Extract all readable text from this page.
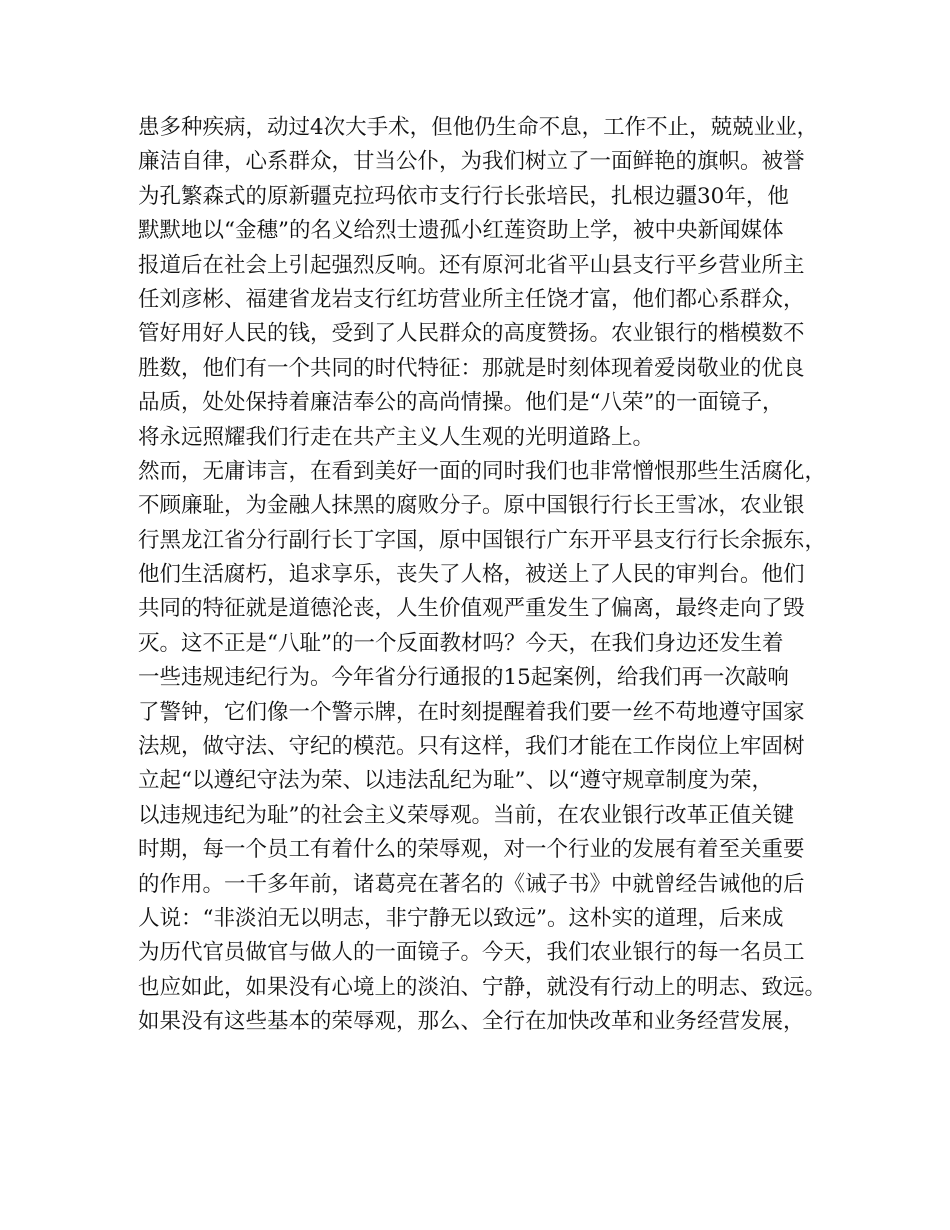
患多种疾病，动过4次大手术，但他仍生命不息，工作不止，兢兢业业，
廉洁自律，心系群众，甘当公仆，为我们树立了一面鲜艳的旗帜。被誉
为孔繁森式的原新疆克拉玛依市支行行长张培民，扎根边疆30年，他
默默地以“金穗”的名义给烈士遗孤小红莲资助上学，被中央新闻媒体
报道后在社会上引起强烈反响。还有原河北省平山县支行平乡营业所主
任刘彦彬、福建省龙岩支行红坊营业所主任饶才富，他们都心系群众，
管好用好人民的钱，受到了人民群众的高度赞扬。农业银行的楷模数不
胜数，他们有一个共同的时代特征：那就是时刻体现着爱岗敬业的优良
品质，处处保持着廉洁奉公的高尚情操。他们是“八荣”的一面镜子，
将永远照耀我们行走在共产主义人生观的光明道路上。
然而，无庸讳言，在看到美好一面的同时我们也非常憎恨那些生活腐化，
不顾廉耻，为金融人抹黑的腐败分子。原中国银行行长王雪冰，农业银
行黑龙江省分行副行长丁字国，原中国银行广东开平县支行行长余振东，
他们生活腐朽，追求享乐，丧失了人格，被送上了人民的审判台。他们
共同的特征就是道德沦丧，人生价值观严重发生了偏离，最终走向了毁
灭。这不正是“八耻”的一个反面教材吗？今天，在我们身边还发生着
一些违规违纪行为。今年省分行通报的15起案例，给我们再一次敲响
了警钟，它们像一个警示牌，在时刻提醒着我们要一丝不苟地遵守国家
法规，做守法、守纪的模范。只有这样，我们才能在工作岗位上牢固树
立起“以遵纪守法为荣、以违法乱纪为耻”、以“遵守规章制度为荣，
以违规违纪为耻”的社会主义荣辱观。当前，在农业银行改革正值关键
时期，每一个员工有着什么的荣辱观，对一个行业的发展有着至关重要
的作用。一千多年前，诸葛亮在著名的《诫子书》中就曾经告诫他的后
人说：“非淡泊无以明志，非宁静无以致远”。这朴实的道理，后来成
为历代官员做官与做人的一面镜子。今天，我们农业银行的每一名员工
也应如此，如果没有心境上的淡泊、宁静，就没有行动上的明志、致远。
如果没有这些基本的荣辱观，那么、全行在加快改革和业务经营发展，
